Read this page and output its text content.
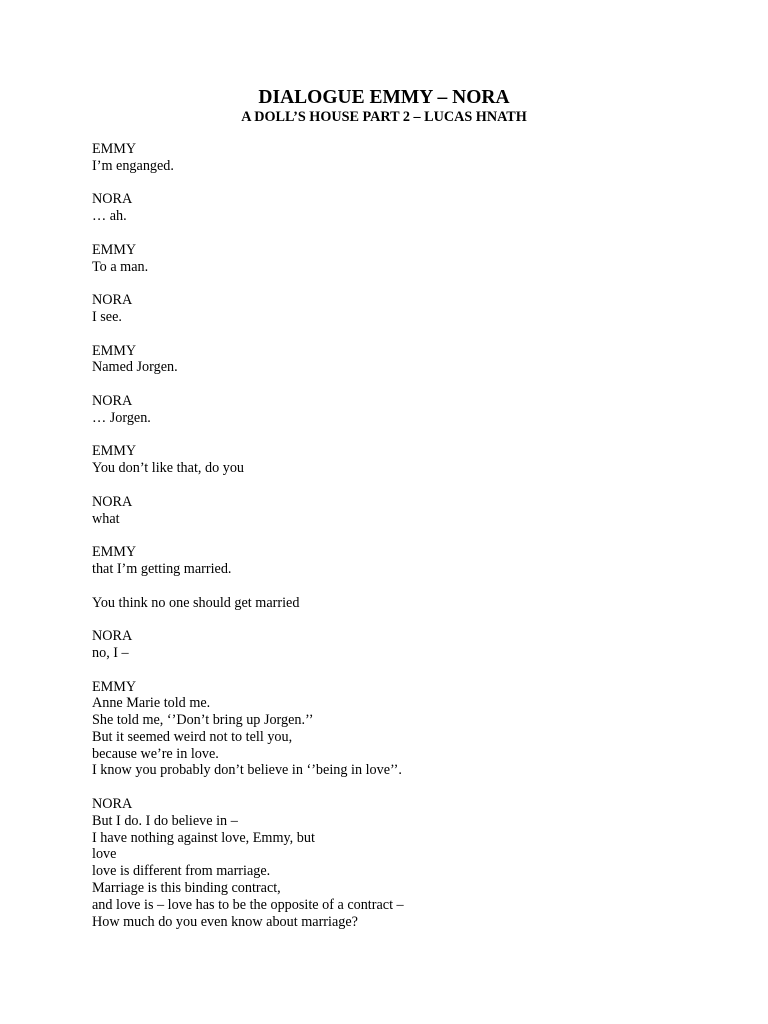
DIALOGUE EMMY – NORA
A DOLL’S HOUSE PART 2 – LUCAS HNATH
EMMY
I’m enganged.
NORA
… ah.
EMMY
To a man.
NORA
I see.
EMMY
Named Jorgen.
NORA
… Jorgen.
EMMY
You don’t like that, do you
NORA
what
EMMY
that I’m getting married.
You think no one should get married
NORA
no, I –
EMMY
Anne Marie told me.
She told me, ‘’Don’t bring up Jorgen.’’
But it seemed weird not to tell you,
because we’re in love.
I know you probably don’t believe in ‘’being in love’’.
NORA
But I do. I do believe in –
I have nothing against love, Emmy, but
love
love is different from marriage.
Marriage is this binding contract,
and love is – love has to be the opposite of a contract –
How much do you even know about marriage?
